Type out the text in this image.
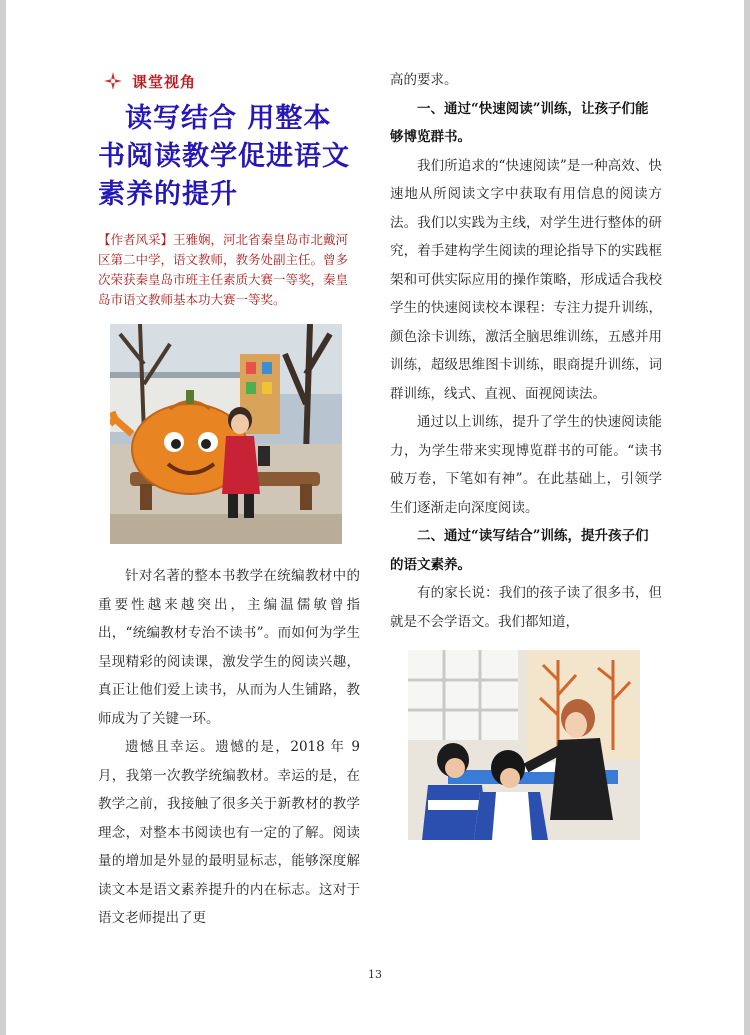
课堂视角
读写结合 用整本
书阅读教学促进语文
素养的提升
【作者风采】王雅娴，河北省秦皇岛市北戴河区第二中学，语文教师，教务处副主任。曾多次荣获秦皇岛市班主任素质大赛一等奖，秦皇岛市语文教师基本功大赛一等奖。

针对名著的整本书教学在统编教材中的重要性越来越突出，主编温儒敏曾指出，“统编教材专治不读书”。而如何为学生呈现精彩的阅读课，激发学生的阅读兴趣，真正让他们爱上读书，从而为人生铺路，教师成为了关键一环。

遗憾且幸运。遗憾的是，2018 年 9 月，我第一次教学统编教材。幸运的是，在教学之前，我接触了很多关于新教材的教学理念，对整本书阅读也有一定的了解。阅读量的增加是外显的最明显标志，能够深度解读文本是语文素养提升的内在标志。这对于语文老师提出了更

高的要求。

一、通过“快速阅读”训练，让孩子们能够博览群书。

我们所追求的“快速阅读”是一种高效、快速地从所阅读文字中获取有用信息的阅读方法。我们以实践为主线，对学生进行整体的研究，着手建构学生阅读的理论指导下的实践框架和可供实际应用的操作策略，形成适合我校学生的快速阅读校本课程：专注力提升训练，颜色涂卡训练，激活全脑思维训练，五感并用训练，超级思维图卡训练，眼商提升训练，词群训练，线式、直视、面视阅读法。

通过以上训练，提升了学生的快速阅读能力，为学生带来实现博览群书的可能。“读书破万卷，下笔如有神”。在此基础上，引领学生们逐渐走向深度阅读。

二、通过“读写结合”训练，提升孩子们的语文素养。

有的家长说：我们的孩子读了很多书，但就是不会学语文。我们都知道，

13
